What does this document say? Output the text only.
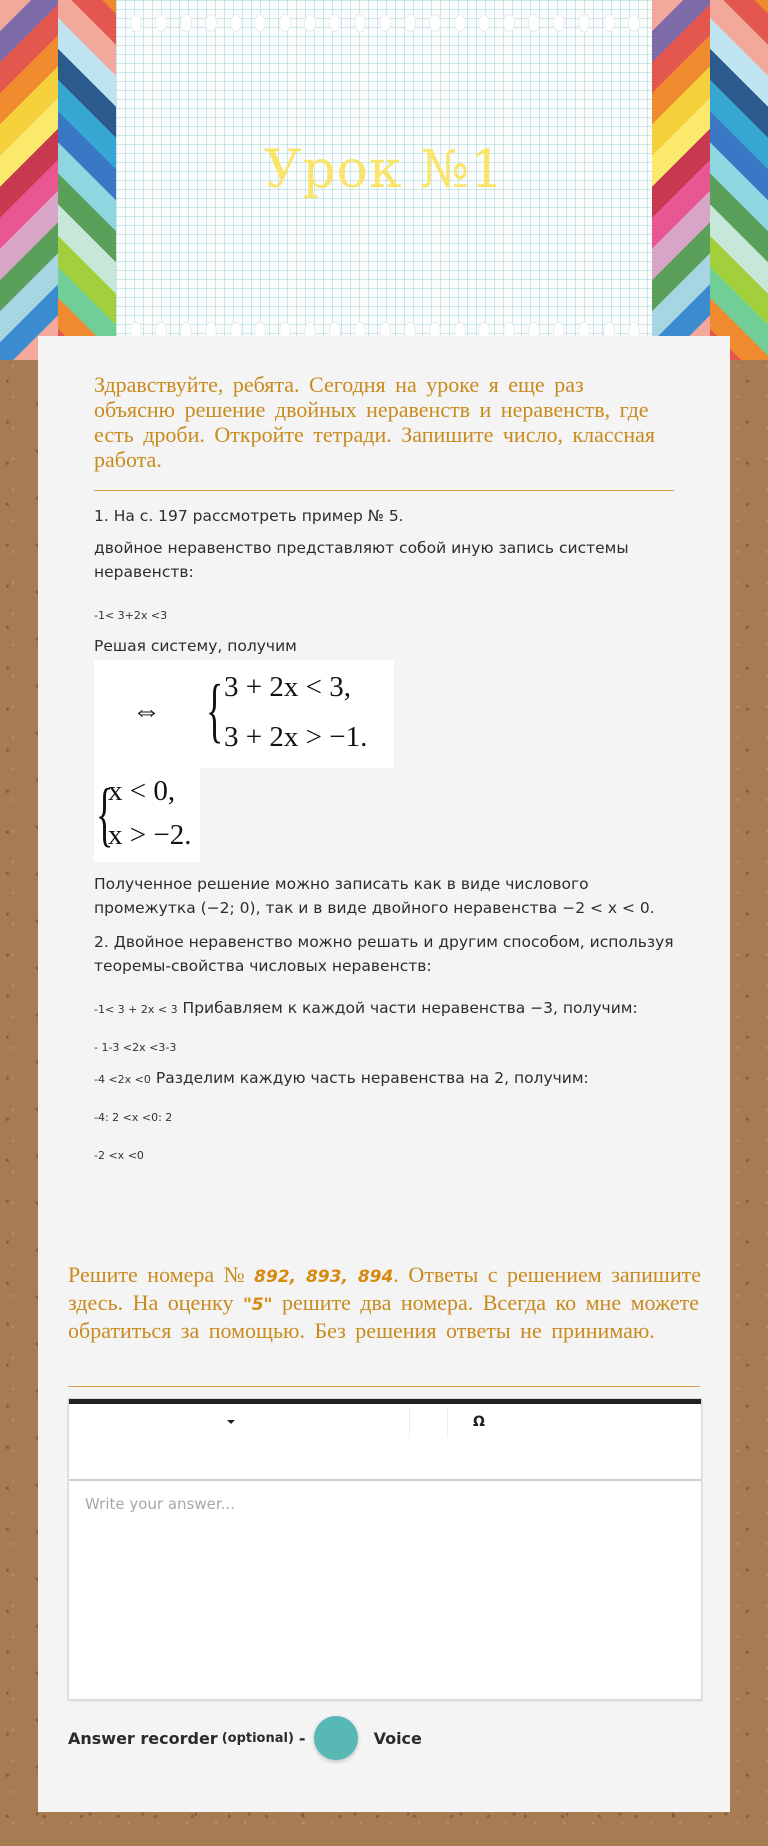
Урок №1
Здравствуйте, ребята. Сегодня на уроке я еще раз объясню решение двойных неравенств и неравенств, где есть дроби. Откройте тетради. Запишите число, классная работа.
1. На с. 197 рассмотреть пример № 5.
двойное неравенство представляют собой иную запись системы неравенств:
-1< 3+2x <3
Решая систему, получим
⇔ { 3 + 2x < 3,
3 + 2x > −1.
{
x < 0,
x > −2.
Полученное решение можно записать как в виде числового промежутка (−2; 0), так и в виде двойного неравенства −2 < x < 0.
2. Двойное неравенство можно решать и другим способом, используя теоремы-свойства числовых неравенств:
-1< 3 + 2x < 3 Прибавляем к каждой части неравенства −3, получим:
- 1-3 <2x <3-3
-4 <2x <0 Разделим каждую часть неравенства на 2, получим:
-4: 2 <x <0: 2
-2 <x <0
Решите номера № 892, 893, 894. Ответы с решением запишите здесь. На оценку "5" решите два номера. Всегда ко мне можете обратиться за помощью. Без решения ответы не принимаю.
Ω
Write your answer...
Answer recorder (optional) -	Voice
